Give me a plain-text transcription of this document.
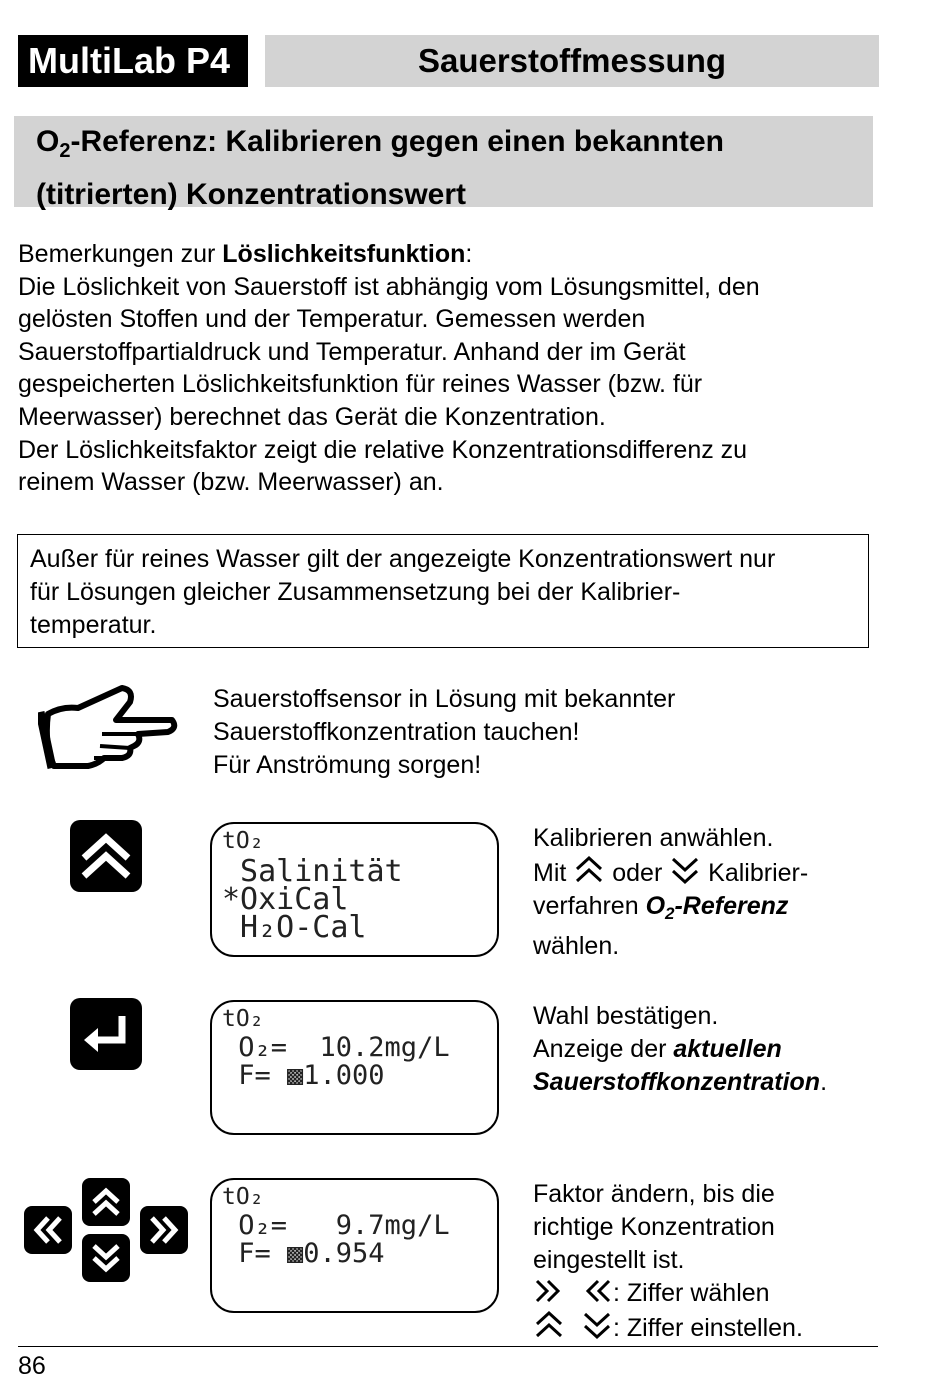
MultiLab P4	Sauerstoffmessung
$O_2$-Referenz: Kalibrieren gegen einen bekannten
(titrierten) Konzentrationswert
Bemerkungen zur Löslichkeitsfunktion:
Die Löslichkeit von Sauerstoff ist abhängig vom Lösungsmittel, den
gelösten Stoffen und der Temperatur. Gemessen werden
Sauerstoffpartialdruck und Temperatur. Anhand der im Gerät
gespeicherten Löslichkeitsfunktion für reines Wasser (bzw. für
Meerwasser) berechnet das Gerät die Konzentration.
Der Löslichkeitsfaktor zeigt die relative Konzentrationsdifferenz zu
reinem Wasser (bzw. Meerwasser) an.
Außer für reines Wasser gilt der angezeigte Konzentrationswert nur
für Lösungen gleicher Zusammensetzung bei der Kalibrier-
temperatur.
Sauerstoffsensor in Lösung mit bekannter
Sauerstoffkonzentration tauchen!
Für Anströmung sorgen!
tO₂
Salinität
*OxiCal
H₂O-Cal
Kalibrieren anwählen.
Mit  oder  Kalibrier-
verfahren $O_2$-Referenz
wählen.
tO₂
O₂=  10.2mg/L
F= ▩1.000
Wahl bestätigen.
Anzeige der aktuellen
Sauerstoffkonzentration.
tO₂
O₂=   9.7mg/L
F= ▩0.954
Faktor ändern, bis die
richtige Konzentration
eingestellt ist.
: Ziffer wählen
: Ziffer einstellen.
86
